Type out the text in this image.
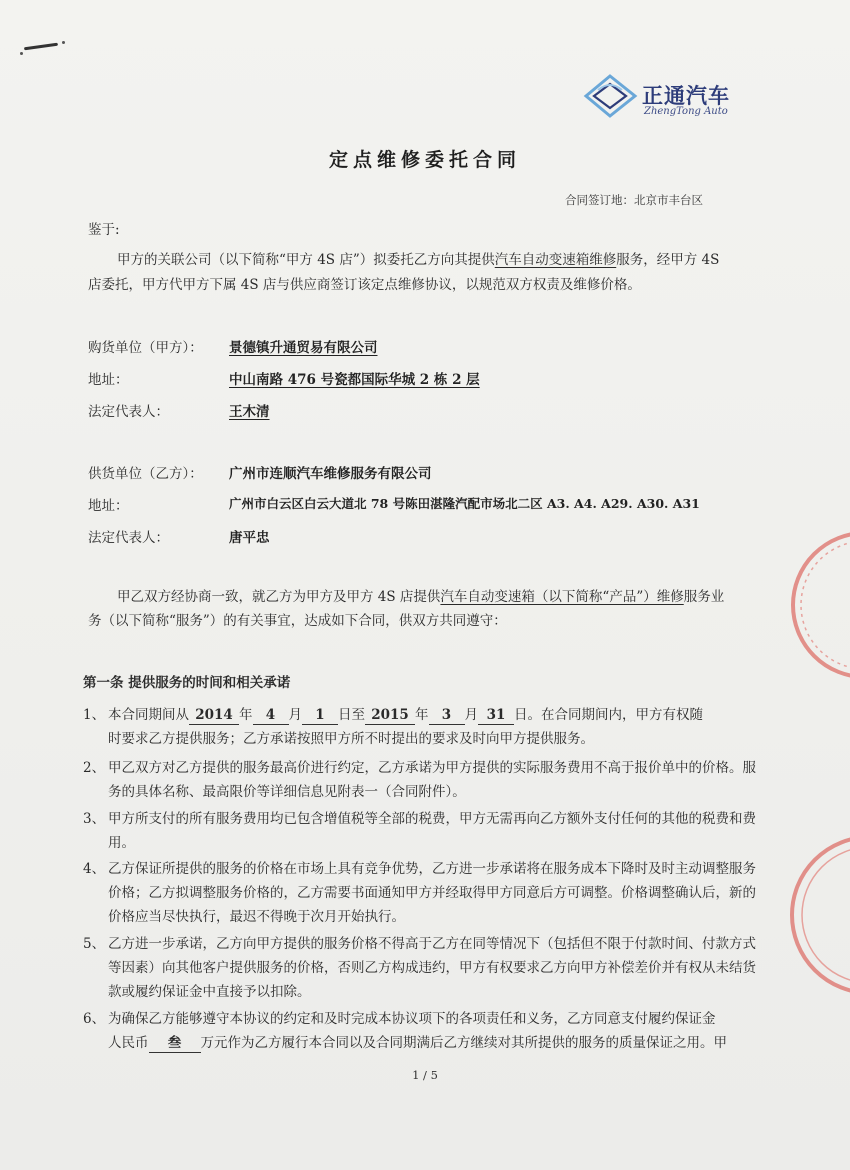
正通汽车
ZhengTong Auto
定点维修委托合同
合同签订地：北京市丰台区
鉴于:
甲方的关联公司（以下简称“甲方 4S 店”）拟委托乙方向其提供汽车自动变速箱维修服务，经甲方 4S
店委托，甲方代甲方下属 4S 店与供应商签订该定点维修协议，以规范双方权责及维修价格。
购货单位（甲方）： 景德镇升通贸易有限公司
地址：	中山南路 476 号瓷都国际华城 2 栋 2 层
法定代表人：	王木清
供货单位（乙方）： 广州市连顺汽车维修服务有限公司
地址：	广州市白云区白云大道北 78 号陈田湛隆汽配市场北二区 A3. A4. A29. A30. A31
法定代表人：	唐平忠
甲乙双方经协商一致，就乙方为甲方及甲方 4S 店提供汽车自动变速箱（以下简称“产品”）维修服务业
务（以下简称“服务”）的有关事宜，达成如下合同，供双方共同遵守：
第一条 提供服务的时间和相关承诺
1、 本合同期间从 2014 年 4 月 1 日至 2015 年 3 月 31 日。在合同期间内，甲方有权随
时要求乙方提供服务；乙方承诺按照甲方所不时提出的要求及时向甲方提供服务。
2、 甲乙双方对乙方提供的服务最高价进行约定，乙方承诺为甲方提供的实际服务费用不高于报价单中的价格。服务的具体名称、最高限价等详细信息见附表一（合同附件）。
3、 甲方所支付的所有服务费用均已包含增值税等全部的税费，甲方无需再向乙方额外支付任何的其他的税费和费用。
4、 乙方保证所提供的服务的价格在市场上具有竞争优势，乙方进一步承诺将在服务成本下降时及时主动调整服务价格；乙方拟调整服务价格的，乙方需要书面通知甲方并经取得甲方同意后方可调整。价格调整确认后，新的价格应当尽快执行，最迟不得晚于次月开始执行。
5、 乙方进一步承诺，乙方向甲方提供的服务价格不得高于乙方在同等情况下（包括但不限于付款时间、付款方式等因素）向其他客户提供服务的价格，否则乙方构成违约，甲方有权要求乙方向甲方补偿差价并有权从未结货款或履约保证金中直接予以扣除。
6、 为确保乙方能够遵守本协议的约定和及时完成本协议项下的各项责任和义务，乙方同意支付履约保证金
人民币 叁 万元作为乙方履行本合同以及合同期满后乙方继续对其所提供的服务的质量保证之用。甲
1 / 5
